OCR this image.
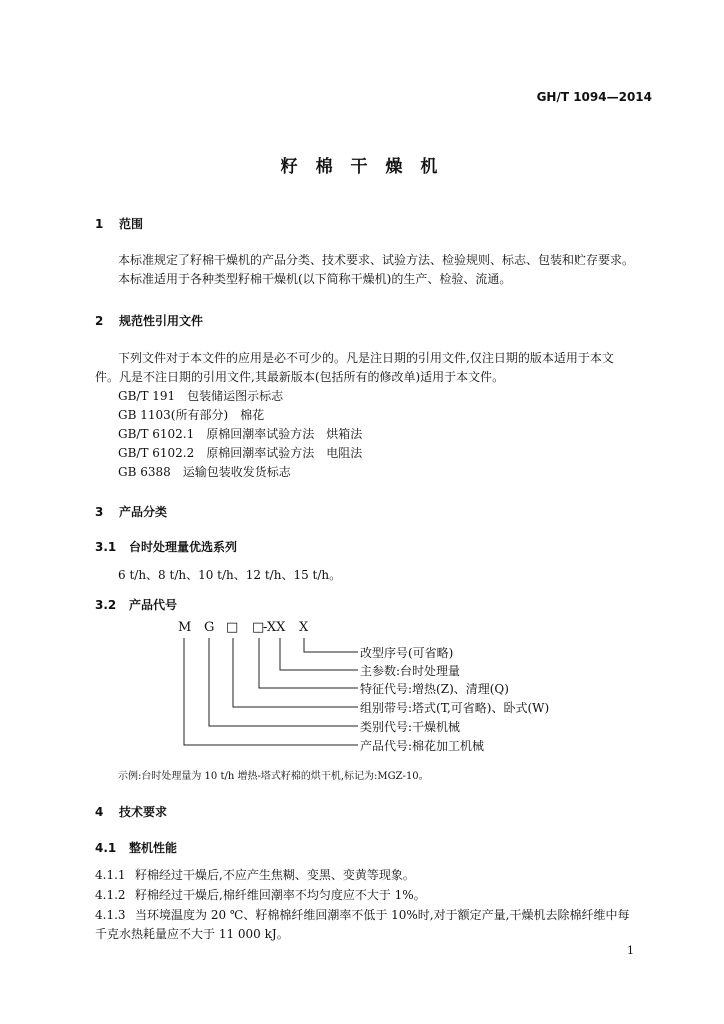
GH/T 1094—2014
籽 棉 干 燥 机
1 范围
本标准规定了籽棉干燥机的产品分类、技术要求、试验方法、检验规则、标志、包装和贮存要求。
本标准适用于各种类型籽棉干燥机(以下简称干燥机)的生产、检验、流通。
2 规范性引用文件
下列文件对于本文件的应用是必不可少的。凡是注日期的引用文件,仅注日期的版本适用于本文
件。凡是不注日期的引用文件,其最新版本(包括所有的修改单)适用于本文件。
GB/T 191　包装储运图示标志
GB 1103(所有部分)　棉花
GB/T 6102.1　原棉回潮率试验方法　烘箱法
GB/T 6102.2　原棉回潮率试验方法　电阻法
GB 6388　运输包装收发货标志
3 产品分类
3.1 台时处理量优选系列
6 t/h、8 t/h、10 t/h、12 t/h、15 t/h。
3.2 产品代号
M G □ □
-XX X
改型序号(可省略)
主参数:台时处理量
特征代号:增热(Z)、清理(Q)
组别带号:塔式(T,可省略)、卧式(W)
类别代号:干燥机械
产品代号:棉花加工机械
示例:台时处理量为 10 t/h 增热-塔式籽棉的烘干机,标记为:MGZ-10。
4 技术要求
4.1 整机性能
4.1.1 籽棉经过干燥后,不应产生焦糊、变黑、变黄等现象。
4.1.2 籽棉经过干燥后,棉纤维回潮率不均匀度应不大于 1%。
4.1.3 当环境温度为 20 ℃、籽棉棉纤维回潮率不低于 10%时,对于额定产量,干燥机去除棉纤维中每
千克水热耗量应不大于 11 000 kJ。
1
